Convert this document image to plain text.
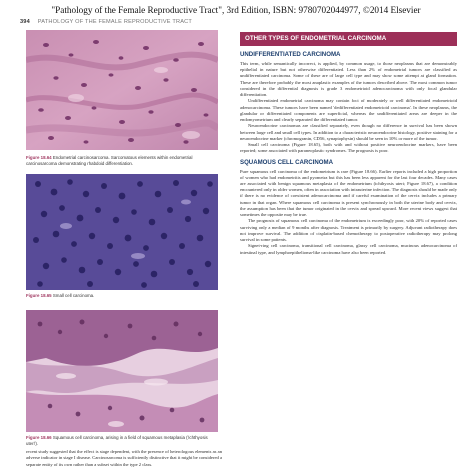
"Pathology of the Female Reproductive Tract", 3rd Edition, ISBN: 9780702044977, ©2014 Elsevier
394 PATHOLOGY OF THE FEMALE REPRODUCTIVE TRACT
Figure 18.64 Endometrial carcinosarcoma. Sarcomatous elements within endometrial carcinosarcoma demonstrating rhabdoid differentiation.
Figure 18.65 Small cell carcinoma.
Figure 18.66 Squamous cell carcinoma, arising in a field of squamous metaplasia ('ichthyosis uteri').
recent study suggested that the effect is stage dependent, with the presence of heterologous elements as an adverse indicator in stage I disease. Carcinosarcoma is sufficiently distinctive that it might be considered a separate entity of its own rather than a subset within the type 2 class.
OTHER TYPES OF ENDOMETRIAL CARCINOMA
UNDIFFERENTIATED CARCINOMA

This term, while semantically incorrect, is applied, by common usage, to those neoplasms that are demonstrably epithelial in nature but not otherwise differentiated. Less than 2% of endometrial tumors are classified as undifferentiated carcinoma. Some of these are of large cell type and may show some attempt at gland formation. These are therefore probably the most anaplastic examples of the tumors described above. The most common tumor considered in the differential diagnosis is grade 3 endometrioid adenocarcinoma with only focal glandular differentiation.

Undifferentiated endometrial carcinoma may contain foci of moderately or well differentiated endometrioid adenocarcinoma. These tumors have been named 'dedifferentiated endometrioid carcinoma'. In these neoplasms, the glandular or differentiated components are superficial, whereas the undifferentiated areas are deeper in the endomyometrium and clearly separated the differentiated tumor.

Neuroendocrine carcinomas are classified separately, even though no difference in survival has been shown between large cell and small cell types. In addition to a characteristic neuroendocrine histology, positive staining for a neuroendocrine marker (chromogranin, CD56, synaptophysin) should be seen in 10% or more of the tumor.

Small cell carcinoma (Figure 18.65), both with and without positive neuroendocrine markers, have been reported; some associated with paraneoplastic syndromes. The prognosis is poor.

SQUAMOUS CELL CARCINOMA

Pure squamous cell carcinoma of the endometrium is rare (Figure 18.66). Earlier reports included a high proportion of women who had endometritis and pyometra but this has been less apparent for the last four decades. Many cases are associated with benign squamous metaplasia of the endometrium (ichthyosis uteri; Figure 18.67), a condition encountered only in older women, often in association with intrauterine infection. The diagnosis should be made only if there is no evidence of coexistent adenocarcinoma and if careful examination of the cervix includes a primary tumor in that organ. Where squamous cell carcinoma is present synchronously in both the uterine body and cervix, the assumption has been that the tumor originated in the cervix and spread upward. More recent views suggest that sometimes the opposite may be true.

The prognosis of squamous cell carcinoma of the endometrium is exceedingly poor, with 20% of reported cases surviving only a median of 9 months after diagnosis. Treatment is primarily by surgery. Adjuvant radiotherapy does not improve survival. The addition of cisplatin-based chemotherapy to postoperative radiotherapy may prolong survival in some patients.

Signet-ring cell carcinoma, transitional cell carcinoma, glassy cell carcinoma, mucinous adenocarcinoma of intestinal type, and lymphoepithelioma-like carcinoma have also been reported.
